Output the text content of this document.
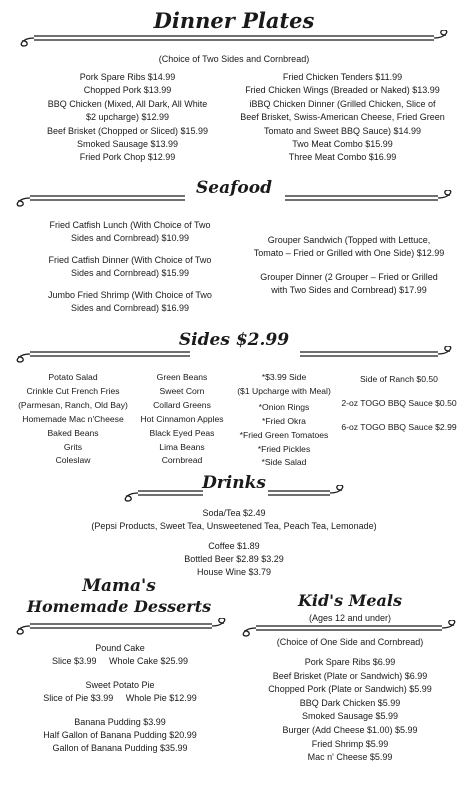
Dinner Plates
(Choice of Two Sides and Cornbread)
Pork Spare Ribs $14.99
Chopped Pork $13.99
BBQ Chicken (Mixed, All Dark, All White
$2 upcharge) $12.99
Beef Brisket (Chopped or Sliced) $15.99
Smoked Sausage $13.99
Fried Pork Chop $12.99
Fried Chicken Tenders $11.99
Fried Chicken Wings (Breaded or Naked) $13.99
iBBQ Chicken Dinner (Grilled Chicken, Slice of
Beef Brisket, Swiss-American Cheese, Fried Green
Tomato and Sweet BBQ Sauce) $14.99
Two Meat Combo $15.99
Three Meat Combo $16.99
Seafood
Fried Catfish Lunch (With Choice of Two
Sides and Cornbread) $10.99
Fried Catfish Dinner (With Choice of Two
Sides and Cornbread) $15.99
Jumbo Fried Shrimp (With Choice of Two
Sides and Cornbread) $16.99
Grouper Sandwich (Topped with Lettuce,
Tomato – Fried or Grilled with One Side) $12.99
Grouper Dinner (2 Grouper – Fried or Grilled
with Two Sides and Cornbread) $17.99
Sides $2.99
Potato Salad
Crinkle Cut French Fries
(Parmesan, Ranch, Old Bay)
Homemade Mac n'Cheese
Baked Beans
Grits
Coleslaw
Green Beans
Sweet Corn
Collard Greens
Hot Cinnamon Apples
Black Eyed Peas
Lima Beans
Cornbread
*$3.99 Side
($1 Upcharge with Meal)
*Onion Rings
*Fried Okra
*Fried Green Tomatoes
*Fried Pickles
*Side Salad
Side of Ranch $0.50
2-oz TOGO BBQ Sauce $0.50
6-oz TOGO BBQ Sauce $2.99
Drinks
Soda/Tea $2.49
(Pepsi Products, Sweet Tea, Unsweetened Tea, Peach Tea, Lemonade)
Coffee $1.89
Bottled Beer $2.89 $3.29
House Wine $3.79
Mama's
Homemade Desserts
Pound Cake
Slice $3.99     Whole Cake $25.99
Sweet Potato Pie
Slice of Pie $3.99     Whole Pie $12.99
Banana Pudding $3.99
Half Gallon of Banana Pudding $20.99
Gallon of Banana Pudding $35.99
Kid's Meals
(Ages 12 and under)
(Choice of One Side and Cornbread)
Pork Spare Ribs $6.99
Beef Brisket (Plate or Sandwich) $6.99
Chopped Pork (Plate or Sandwich) $5.99
BBQ Dark Chicken $5.99
Smoked Sausage $5.99
Burger (Add Cheese $1.00) $5.99
Fried Shrimp $5.99
Mac n' Cheese $5.99
